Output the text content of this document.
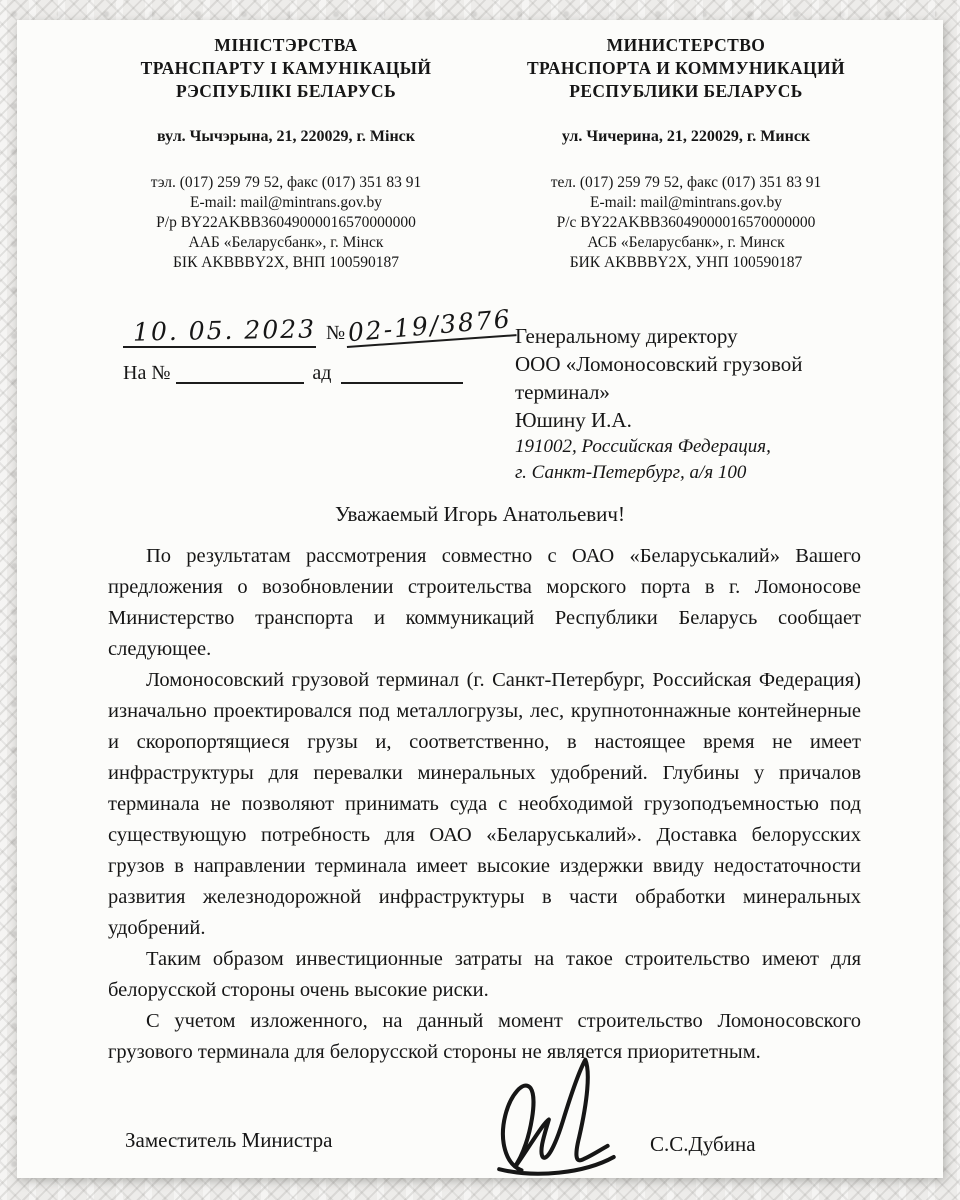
МІНІСТЭРСТВА
ТРАНСПАРТУ І КАМУНІКАЦЫЙ
РЭСПУБЛІКІ БЕЛАРУСЬ
вул. Чычэрына, 21, 220029, г. Мінск
тэл. (017) 259 79 52, факс (017) 351 83 91
E-mail: mail@mintrans.gov.by
Р/р BY22AKBB36049000016570000000
ААБ «Беларусбанк», г. Мінск
БІК AKBBBY2X, ВНП 100590187
МИНИСТЕРСТВО
ТРАНСПОРТА И КОММУНИКАЦИЙ
РЕСПУБЛИКИ БЕЛАРУСЬ
ул. Чичерина, 21, 220029, г. Минск
тел. (017) 259 79 52, факс (017) 351 83 91
E-mail: mail@mintrans.gov.by
Р/с BY22AKBB36049000016570000000
АСБ «Беларусбанк», г. Минск
БИК AKBBBY2X, УНП 100590187
10. 05. 2023 № 02-19/3876
На №	ад
Генеральному директору
ООО «Ломоносовский грузовой
терминал»
Юшину И.А.
191002, Российская Федерация,
г. Санкт-Петербург, а/я 100
Уважаемый Игорь Анатольевич!

По результатам рассмотрения совместно с ОАО «Беларуськалий» Вашего предложения о возобновлении строительства морского порта в г. Ломоносове Министерство транспорта и коммуникаций Республики Беларусь сообщает следующее.

Ломоносовский грузовой терминал (г. Санкт-Петербург, Российская Федерация) изначально проектировался под металлогрузы, лес, крупнотоннажные контейнерные и скоропортящиеся грузы и, соответственно, в настоящее время не имеет инфраструктуры для перевалки минеральных удобрений. Глубины у причалов терминала не позволяют принимать суда с необходимой грузоподъемностью под существующую потребность для ОАО «Беларуськалий». Доставка белорусских грузов в направлении терминала имеет высокие издержки ввиду недостаточности развития железнодорожной инфраструктуры в части обработки минеральных удобрений.

Таким образом инвестиционные затраты на такое строительство имеют для белорусской стороны очень высокие риски.

С учетом изложенного, на данный момент строительство Ломоносовского грузового терминала для белорусской стороны не является приоритетным.

Заместитель Министра	С.С.Дубина
